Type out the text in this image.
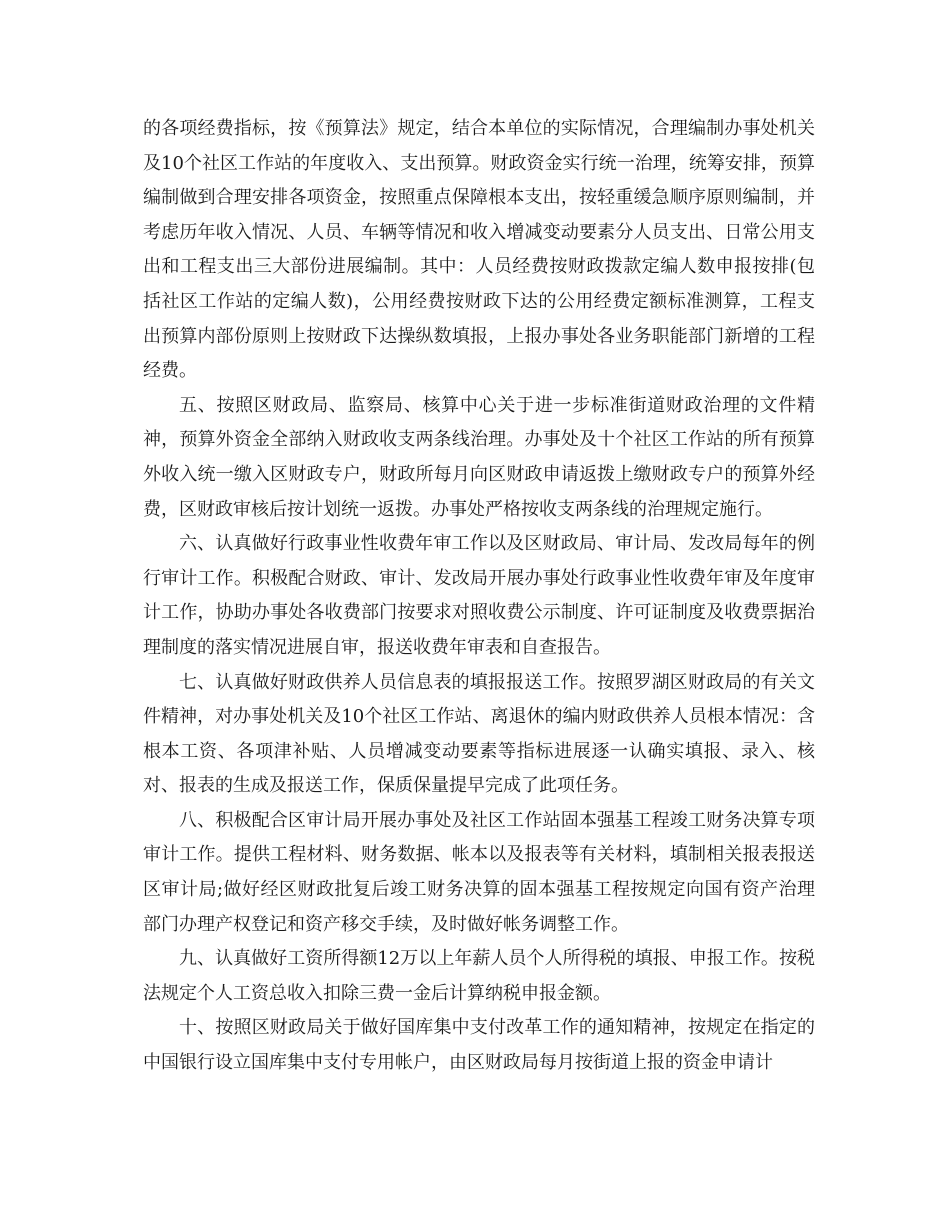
的各项经费指标，按《预算法》规定，结合本单位的实际情况，合理编制办事处机关及10个社区工作站的年度收入、支出预算。财政资金实行统一治理，统筹安排，预算编制做到合理安排各项资金，按照重点保障根本支出，按轻重缓急顺序原则编制，并考虑历年收入情况、人员、车辆等情况和收入增减变动要素分人员支出、日常公用支出和工程支出三大部份进展编制。其中：人员经费按财政拨款定编人数申报按排(包括社区工作站的定编人数)，公用经费按财政下达的公用经费定额标准测算，工程支出预算内部份原则上按财政下达操纵数填报，上报办事处各业务职能部门新增的工程经费。

五、按照区财政局、监察局、核算中心关于进一步标准街道财政治理的文件精神，预算外资金全部纳入财政收支两条线治理。办事处及十个社区工作站的所有预算外收入统一缴入区财政专户，财政所每月向区财政申请返拨上缴财政专户的预算外经费，区财政审核后按计划统一返拨。办事处严格按收支两条线的治理规定施行。

六、认真做好行政事业性收费年审工作以及区财政局、审计局、发改局每年的例行审计工作。积极配合财政、审计、发改局开展办事处行政事业性收费年审及年度审计工作，协助办事处各收费部门按要求对照收费公示制度、许可证制度及收费票据治理制度的落实情况进展自审，报送收费年审表和自查报告。

七、认真做好财政供养人员信息表的填报报送工作。按照罗湖区财政局的有关文件精神，对办事处机关及10个社区工作站、离退休的编内财政供养人员根本情况：含根本工资、各项津补贴、人员增减变动要素等指标进展逐一认确实填报、录入、核对、报表的生成及报送工作，保质保量提早完成了此项任务。

八、积极配合区审计局开展办事处及社区工作站固本强基工程竣工财务决算专项审计工作。提供工程材料、财务数据、帐本以及报表等有关材料，填制相关报表报送区审计局;做好经区财政批复后竣工财务决算的固本强基工程按规定向国有资产治理部门办理产权登记和资产移交手续，及时做好帐务调整工作。

九、认真做好工资所得额12万以上年薪人员个人所得税的填报、申报工作。按税法规定个人工资总收入扣除三费一金后计算纳税申报金额。

十、按照区财政局关于做好国库集中支付改革工作的通知精神，按规定在指定的中国银行设立国库集中支付专用帐户，由区财政局每月按街道上报的资金申请计
